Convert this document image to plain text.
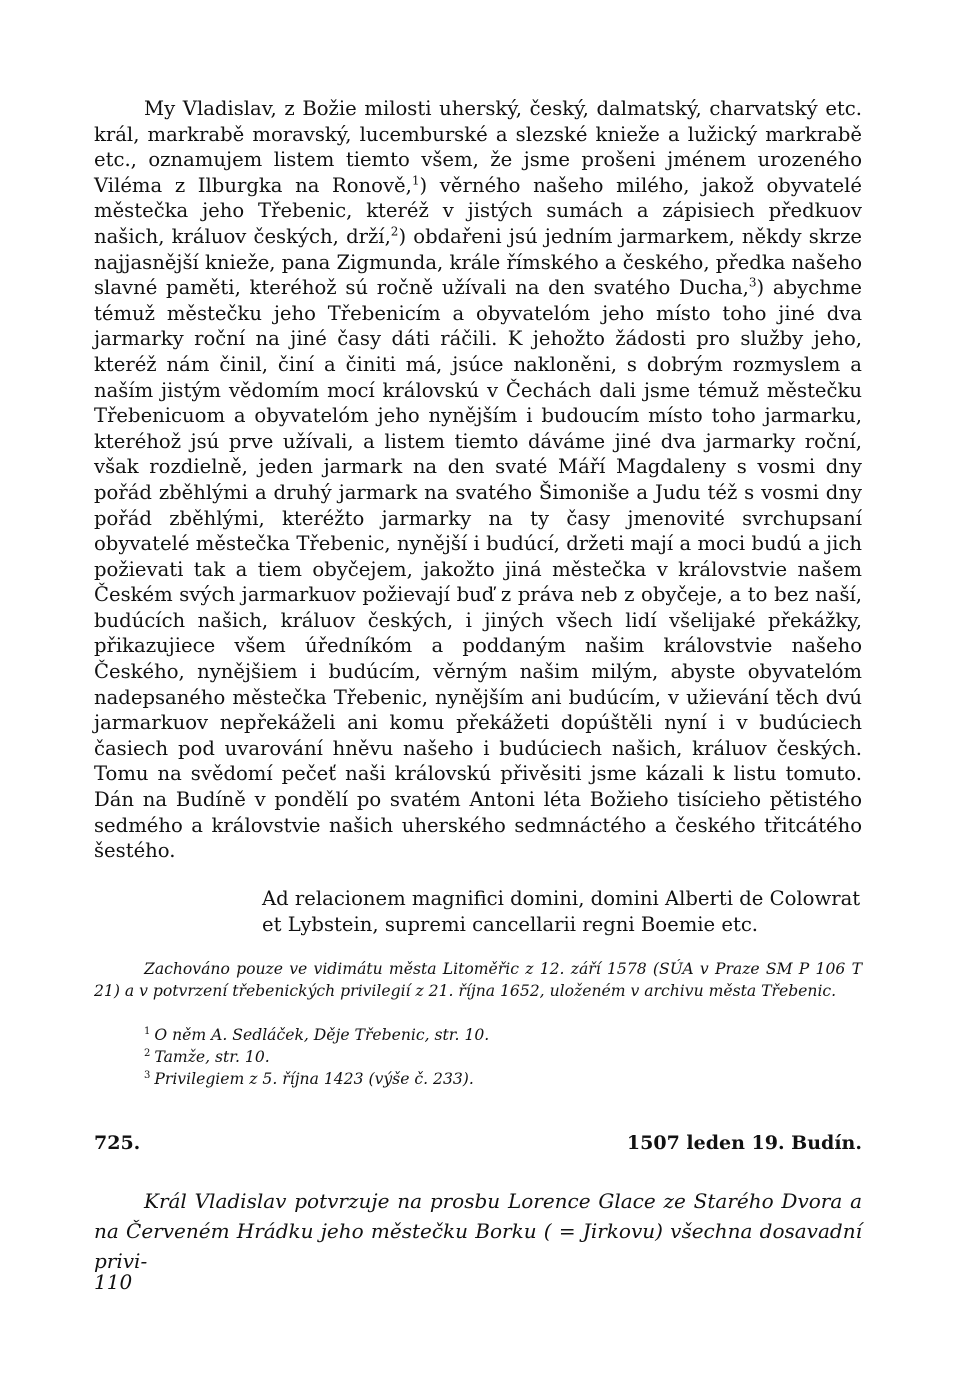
My Vladislav, z Božie milosti uherský, český, dalmatský, charvatský etc. král, markrabě moravský, lucemburské a slezské knieže a lužický markrabě etc., oznamujem listem tiemto všem, že jsme prošeni jménem urozeného Viléma z Ilburgka na Ronově,$^1$) věrného našeho milého, jakož obyvatelé městečka jeho Třebenic, kteréž v jistých sumách a zápisiech předkuov našich, králuov českých, drží,$^2$) obdařeni jsú jedním jarmarkem, někdy skrze najjasnější knieže, pana Zigmunda, krále římského a českého, předka našeho slavné paměti, kteréhož sú ročně užívali na den svatého Ducha,$^3$) abychme témuž městečku jeho Třebenicím a obyvatelóm jeho místo toho jiné dva jarmarky roční na jiné časy dáti ráčili. K jehožto žádosti pro služby jeho, kteréž nám činil, činí a činiti má, jsúce nakloněni, s dobrým rozmyslem a naším jistým vědomím mocí královskú v Čechách dali jsme témuž městečku Třebenicuom a obyvatelóm jeho nynějším i budoucím místo toho jarmarku, kteréhož jsú prve užívali, a listem tiemto dáváme jiné dva jarmarky roční, však rozdielně, jeden jarmark na den svaté Máří Magdaleny s vosmi dny pořád zběhlými a druhý jarmark na svatého Šimoniše a Judu též s vosmi dny pořád zběhlými, kteréžto jarmarky na ty časy jmenovité svrchupsaní obyvatelé městečka Třebenic, nynější i budúcí, držeti mají a moci budú a jich požievati tak a tiem obyčejem, jakožto jiná městečka v královstvie našem Českém svých jarmarkuov požievají buď z práva neb z obyčeje, a to bez naší, budúcích našich, králuov českých, i jiných všech lidí všelijaké překážky, přikazujiece všem úředníkóm a poddaným našim královstvie našeho Českého, nynějšiem i budúcím, věrným našim milým, abyste obyvatelóm nadepsaného městečka Třebenic, nynějším ani budúcím, v užievání těch dvú jarmarkuov nepřekáželi ani komu překážeti dopúštěli nyní i v budúciech časiech pod uvarování hněvu našeho i budúciech našich, králuov českých. Tomu na svědomí pečeť naši královskú přivěsiti jsme kázali k listu tomuto. Dán na Budíně v pondělí po svatém Antoni léta Božieho tisícieho pětistého sedmého a královstvie našich uherského sedmnáctého a českého třitcátého šestého.

Ad relacionem magnifici domini, domini Alberti de Colowrat et Lybstein, supremi cancellarii regni Boemie etc.

Zachováno pouze ve vidimátu města Litoměřic z 12. září 1578 (SÚA v Praze SM P 106 T 21) a v potvrzení třebenických privilegií z 21. října 1652, uloženém v archivu města Třebenic.

$^1$ O něm A. Sedláček, Děje Třebenic, str. 10.

$^2$ Tamže, str. 10.

$^3$ Privilegiem z 5. října 1423 (výše č. 233).

725.	1507 leden 19. Budín.

Král Vladislav potvrzuje na prosbu Lorence Glace ze Starého Dvora a na Červeném Hrádku jeho městečku Borku ( = Jirkovu) všechna dosavadní privi-

110
